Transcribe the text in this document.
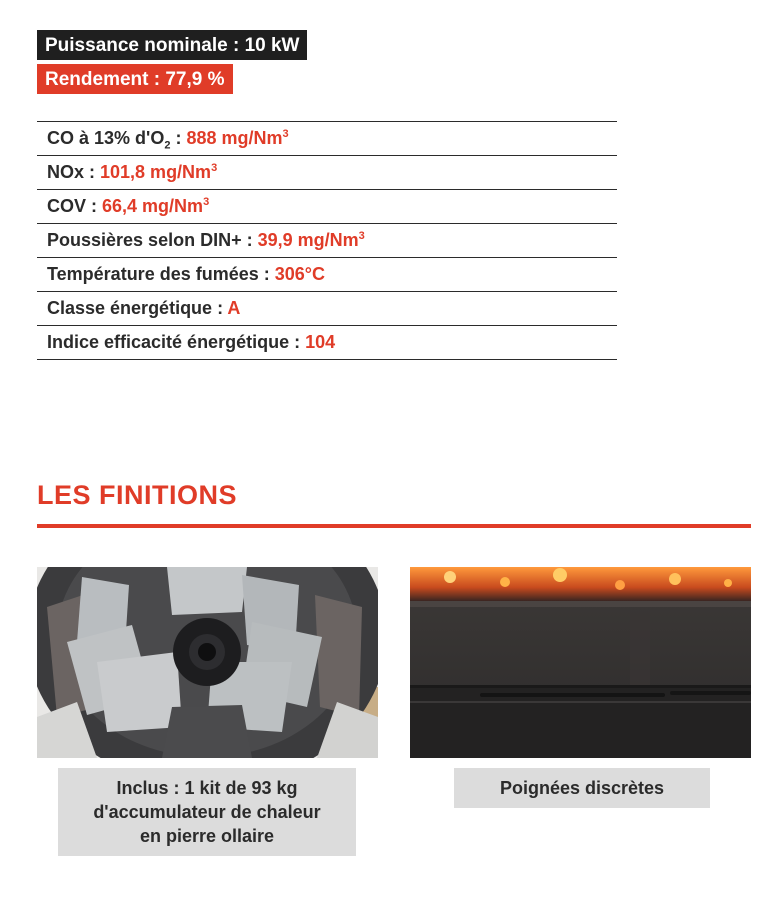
Puissance nominale : 10 kW
Rendement : 77,9 %
CO à 13% $d'O_2$ : 888 mg/Nm$^3$
NOx : 101,8 mg/Nm$^3$
COV : 66,4 mg/Nm$^3$
Poussières selon DIN+ : 39,9 mg/Nm$^3$
Température des fumées : 306°C
Classe énergétique : A
Indice efficacité énergétique : 104
LES FINITIONS
Inclus : 1 kit de 93 kg
d'accumulateur de chaleur
en pierre ollaire
Poignées discrètes
